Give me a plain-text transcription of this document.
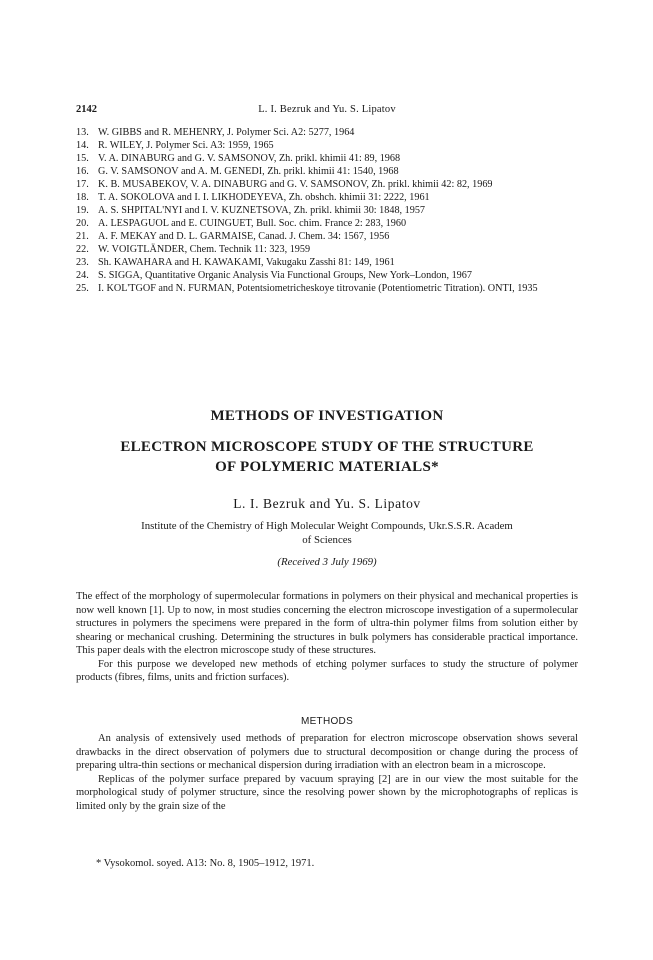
2142	L. I. Bezruk and Yu. S. Lipatov
13. W. GIBBS and R. MEHENRY, J. Polymer Sci. A2: 5277, 1964
14. R. WILEY, J. Polymer Sci. A3: 1959, 1965
15. V. A. DINABURG and G. V. SAMSONOV, Zh. prikl. khimii 41: 89, 1968
16. G. V. SAMSONOV and A. M. GENEDI, Zh. prikl. khimii 41: 1540, 1968
17. K. B. MUSABEKOV, V. A. DINABURG and G. V. SAMSONOV, Zh. prikl. khimii 42: 82, 1969
18. T. A. SOKOLOVA and I. I. LIKHODEYEVA, Zh. obshch. khimii 31: 2222, 1961
19. A. S. SHPITAL'NYI and I. V. KUZNETSOVA, Zh. prikl. khimii 30: 1848, 1957
20. A. LESPAGUOL and E. CUINGUET, Bull. Soc. chim. France 2: 283, 1960
21. A. F. MEKAY and D. L. GARMAISE, Canad. J. Chem. 34: 1567, 1956
22. W. VOIGTLÄNDER, Chem. Technik 11: 323, 1959
23. Sh. KAWAHARA and H. KAWAKAMI, Vakugaku Zasshi 81: 149, 1961
24. S. SIGGA, Quantitative Organic Analysis Via Functional Groups, New York–London, 1967
25. I. KOL'TGOF and N. FURMAN, Potentsiometricheskoye titrovanie (Potentiometric Titration). ONTI, 1935
METHODS OF INVESTIGATION
ELECTRON MICROSCOPE STUDY OF THE STRUCTURE
OF POLYMERIC MATERIALS*
L. I. Bezruk and Yu. S. Lipatov
Institute of the Chemistry of High Molecular Weight Compounds, Ukr.S.S.R. Academ
of Sciences
(Received 3 July 1969)

The effect of the morphology of supermolecular formations in polymers on their physical and mechanical properties is now well known [1]. Up to now, in most studies concerning the electron microscope investigation of a supermolecular structures in polymers the specimens were prepared in the form of ultra-thin polymer films from solution either by shearing or mechanical crushing. Determining the structures in bulk polymers has considerable practical importance. This paper deals with the electron microscope study of these structures.

For this purpose we developed new methods of etching polymer surfaces to study the structure of polymer products (fibres, films, units and friction surfaces).

METHODS

An analysis of extensively used methods of preparation for electron microscope observation shows several drawbacks in the direct observation of polymers due to structural decomposition or change during the process of preparing ultra-thin sections or mechanical dispersion during irradiation with an electron beam in a microscope.

Replicas of the polymer surface prepared by vacuum spraying [2] are in our view the most suitable for the morphological study of polymer structure, since the resolving power shown by the microphotographs of replicas is limited only by the grain size of the

* Vysokomol. soyed. A13: No. 8, 1905–1912, 1971.
